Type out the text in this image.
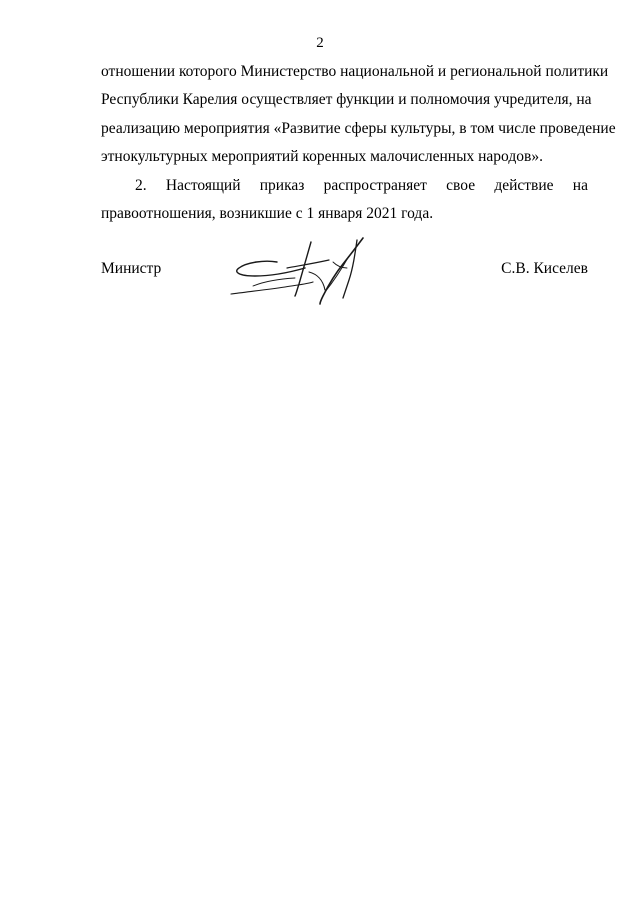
2
отношении которого Министерство национальной и региональной политики
Республики Карелия осуществляет функции и полномочия учредителя, на
реализацию мероприятия «Развитие сферы культуры, в том числе проведение
этнокультурных мероприятий коренных малочисленных народов».
2. Настоящий приказ распространяет свое действие на
правоотношения, возникшие с 1 января 2021 года.
Министр	С.В. Киселев
